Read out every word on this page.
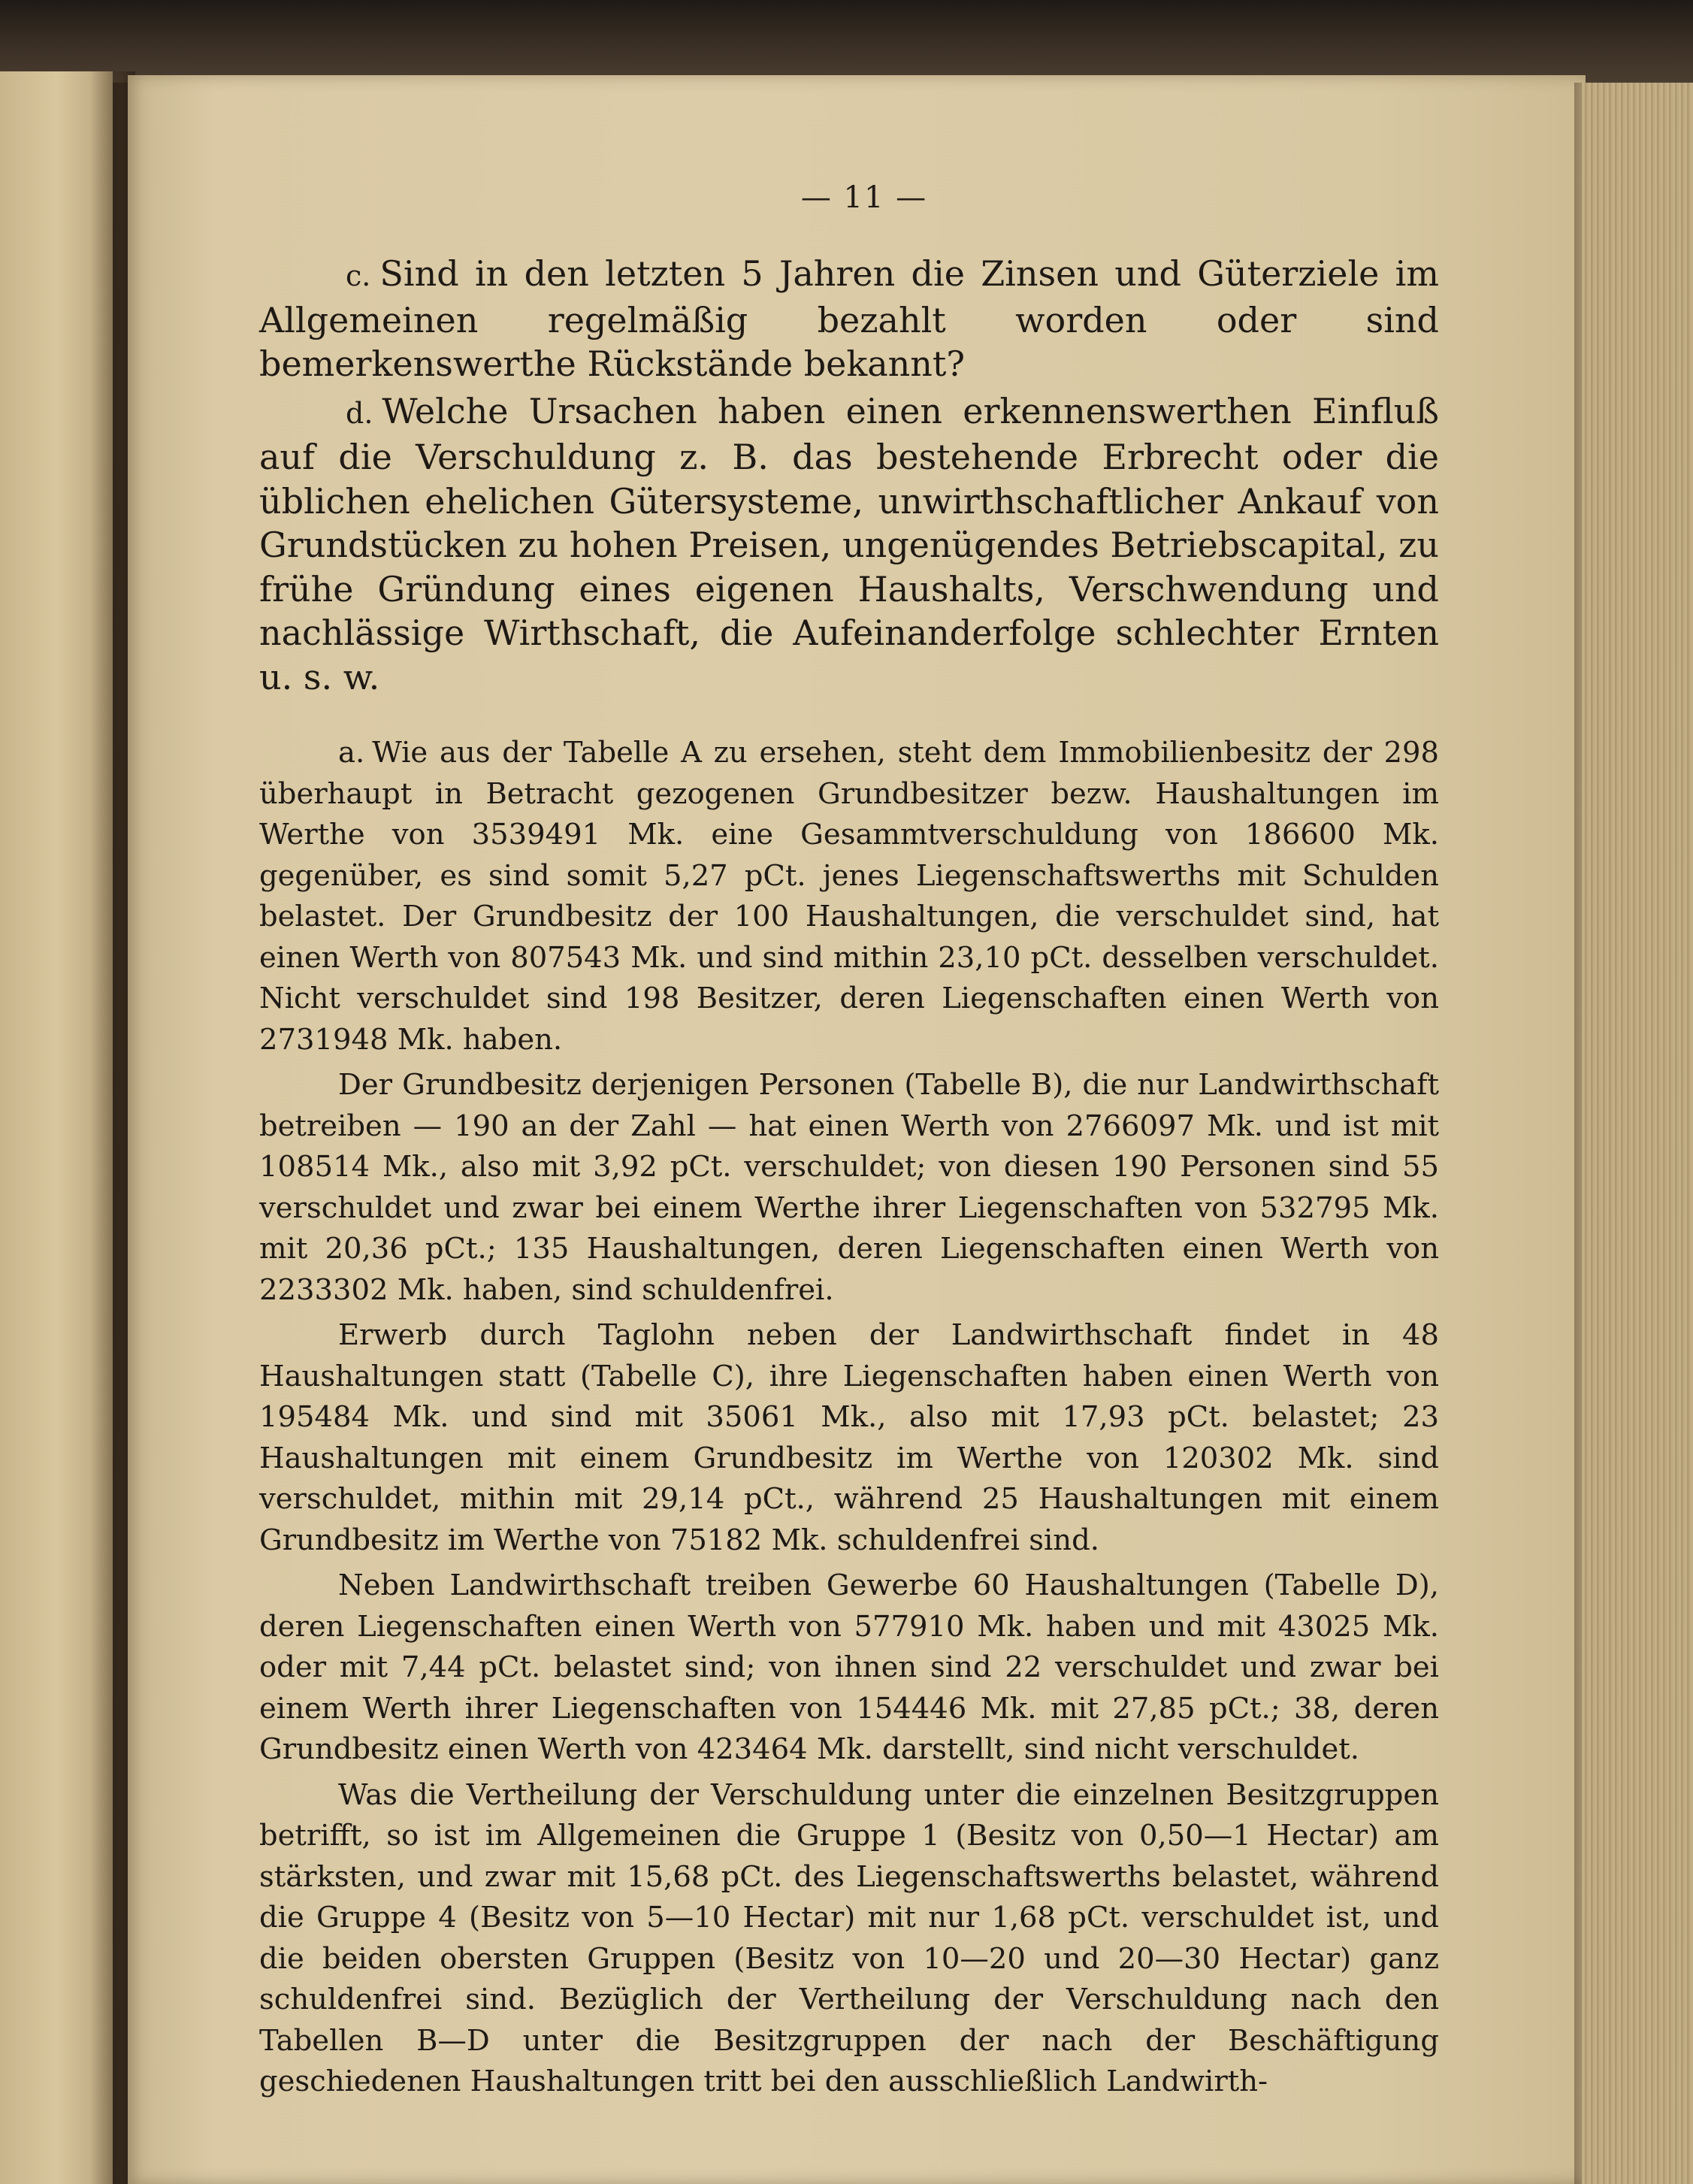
— 11 —

c. Sind in den letzten 5 Jahren die Zinsen und Güterziele im Allgemeinen regelmäßig bezahlt worden oder sind bemerkenswerthe Rückstände bekannt?

d. Welche Ursachen haben einen erkennenswerthen Einfluß auf die Verschuldung z. B. das bestehende Erbrecht oder die üblichen ehelichen Gütersysteme, unwirthschaftlicher Ankauf von Grundstücken zu hohen Preisen, ungenügendes Betriebscapital, zu frühe Gründung eines eigenen Haushalts, Verschwendung und nachlässige Wirthschaft, die Aufeinanderfolge schlechter Ernten u. s. w.

a. Wie aus der Tabelle A zu ersehen, steht dem Immobilienbesitz der 298 überhaupt in Betracht gezogenen Grundbesitzer bezw. Haushaltungen im Werthe von 3539491 Mk. eine Gesammtverschuldung von 186600 Mk. gegenüber, es sind somit 5,27 pCt. jenes Liegenschaftswerths mit Schulden belastet. Der Grundbesitz der 100 Haushaltungen, die verschuldet sind, hat einen Werth von 807543 Mk. und sind mithin 23,10 pCt. desselben verschuldet. Nicht verschuldet sind 198 Besitzer, deren Liegenschaften einen Werth von 2731948 Mk. haben.

Der Grundbesitz derjenigen Personen (Tabelle B), die nur Landwirthschaft betreiben — 190 an der Zahl — hat einen Werth von 2766097 Mk. und ist mit 108514 Mk., also mit 3,92 pCt. verschuldet; von diesen 190 Personen sind 55 verschuldet und zwar bei einem Werthe ihrer Liegenschaften von 532795 Mk. mit 20,36 pCt.; 135 Haushaltungen, deren Liegenschaften einen Werth von 2233302 Mk. haben, sind schuldenfrei.

Erwerb durch Taglohn neben der Landwirthschaft findet in 48 Haushaltungen statt (Tabelle C), ihre Liegenschaften haben einen Werth von 195484 Mk. und sind mit 35061 Mk., also mit 17,93 pCt. belastet; 23 Haushaltungen mit einem Grundbesitz im Werthe von 120302 Mk. sind verschuldet, mithin mit 29,14 pCt., während 25 Haushaltungen mit einem Grundbesitz im Werthe von 75182 Mk. schuldenfrei sind.

Neben Landwirthschaft treiben Gewerbe 60 Haushaltungen (Tabelle D), deren Liegenschaften einen Werth von 577910 Mk. haben und mit 43025 Mk. oder mit 7,44 pCt. belastet sind; von ihnen sind 22 verschuldet und zwar bei einem Werth ihrer Liegenschaften von 154446 Mk. mit 27,85 pCt.; 38, deren Grundbesitz einen Werth von 423464 Mk. darstellt, sind nicht verschuldet.

Was die Vertheilung der Verschuldung unter die einzelnen Besitzgruppen betrifft, so ist im Allgemeinen die Gruppe 1 (Besitz von 0,50—1 Hectar) am stärksten, und zwar mit 15,68 pCt. des Liegenschaftswerths belastet, während die Gruppe 4 (Besitz von 5—10 Hectar) mit nur 1,68 pCt. verschuldet ist, und die beiden obersten Gruppen (Besitz von 10—20 und 20—30 Hectar) ganz schuldenfrei sind. Bezüglich der Vertheilung der Verschuldung nach den Tabellen B—D unter die Besitzgruppen der nach der Beschäftigung geschiedenen Haushaltungen tritt bei den ausschließlich Landwirth-
